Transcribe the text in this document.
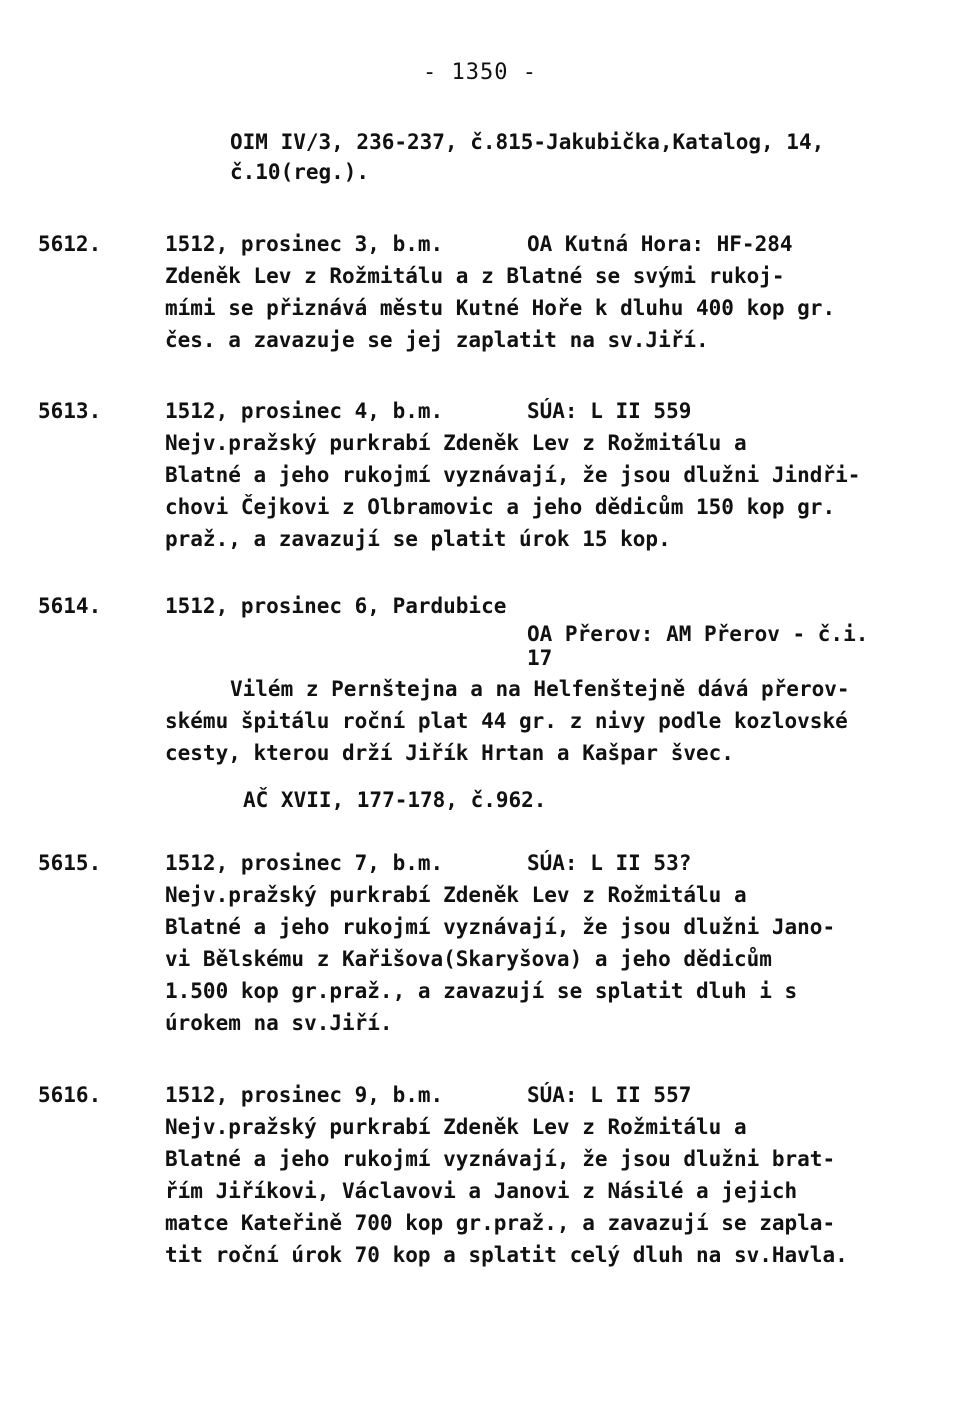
- 1350 -
OIM IV/3, 236-237, č.815-Jakubička,Katalog, 14,
č.10(reg.).
5612.	1512, prosinec 3, b.m.	OA Kutná Hora: HF-284
Zdeněk Lev z Rožmitálu a z Blatné se svými rukoj-
mími se přiznává městu Kutné Hoře k dluhu 400 kop gr.
čes. a zavazuje se jej zaplatit na sv.Jiří.
5613.	1512, prosinec 4, b.m.	SÚA: L II 559
Nejv.pražský purkrabí Zdeněk Lev z Rožmitálu a
Blatné a jeho rukojmí vyznávají, že jsou dlužni Jindři-
chovi Čejkovi z Olbramovic a jeho dědicům 150 kop gr.
praž., a zavazují se platit úrok 15 kop.
5614.	1512, prosinec 6, Pardubice
OA Přerov: AM Přerov - č.i.
17
Vilém z Pernštejna a na Helfenštejně dává přerov-
skému špitálu roční plat 44 gr. z nivy podle kozlovské
cesty, kterou drží Jiřík Hrtan a Kašpar švec.
AČ XVII, 177-178, č.962.
5615.	1512, prosinec 7, b.m.	SÚA: L II 53?
Nejv.pražský purkrabí Zdeněk Lev z Rožmitálu a
Blatné a jeho rukojmí vyznávají, že jsou dlužni Jano-
vi Bělskému z Kařišova(Skaryšova) a jeho dědicům
1.500 kop gr.praž., a zavazují se splatit dluh i s
úrokem na sv.Jiří.
5616.	1512, prosinec 9, b.m.	SÚA: L II 557
Nejv.pražský purkrabí Zdeněk Lev z Rožmitálu a
Blatné a jeho rukojmí vyznávají, že jsou dlužni brat-
řím Jiříkovi, Václavovi a Janovi z Násilé a jejich
matce Kateřině 700 kop gr.praž., a zavazují se zapla-
tit roční úrok 70 kop a splatit celý dluh na sv.Havla.
